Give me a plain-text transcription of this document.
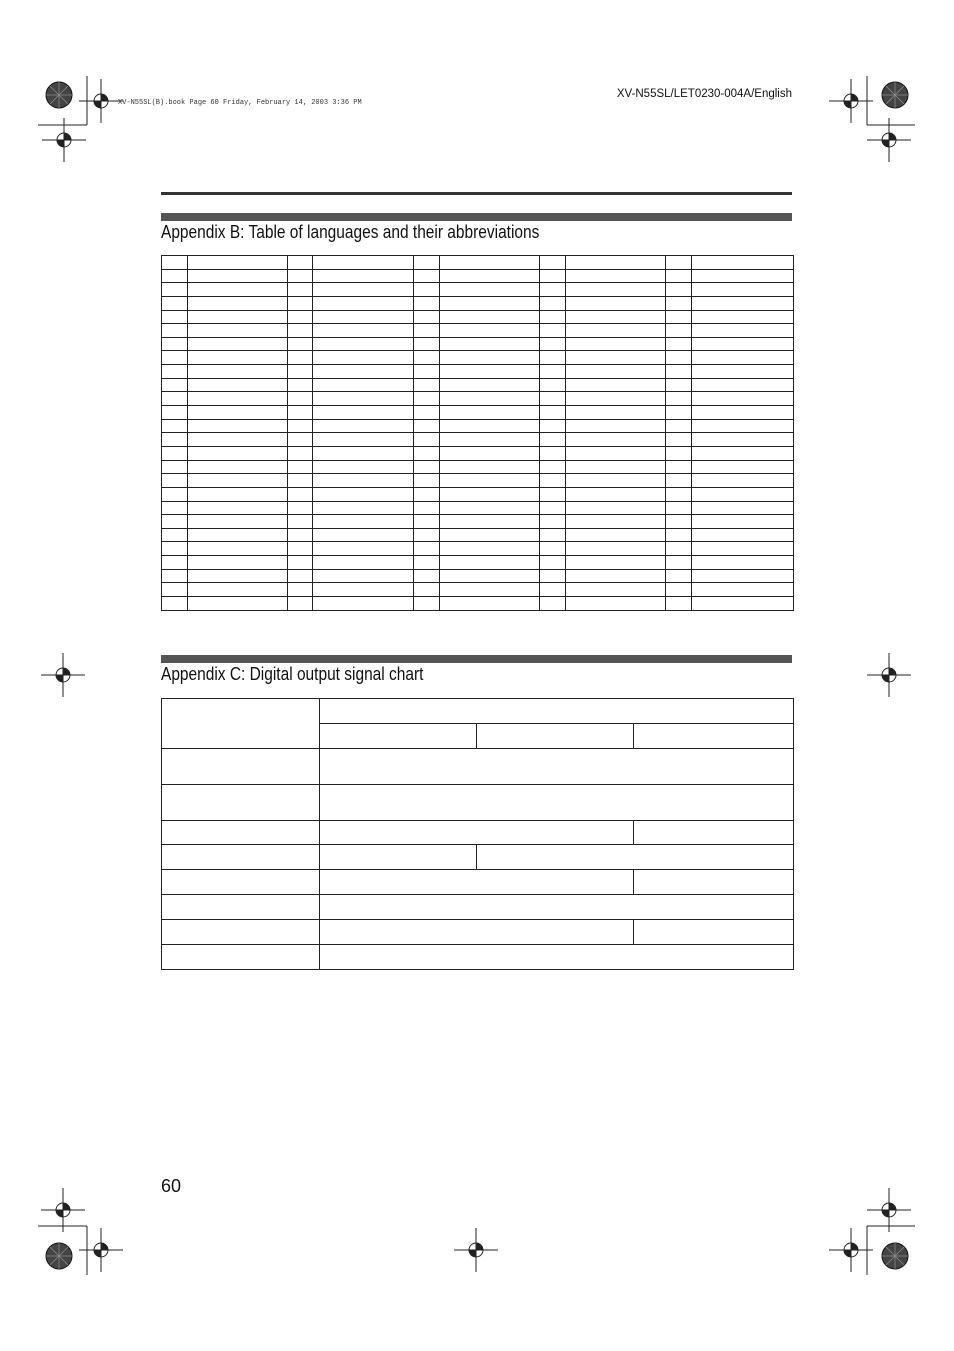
XV-N55SL(B).book Page 60 Friday, February 14, 2003 3:36 PM
XV-N55SL/LET0230-004A/English
Appendix B: Table of languages and their abbreviations

Appendix C: Digital output signal chart

60
